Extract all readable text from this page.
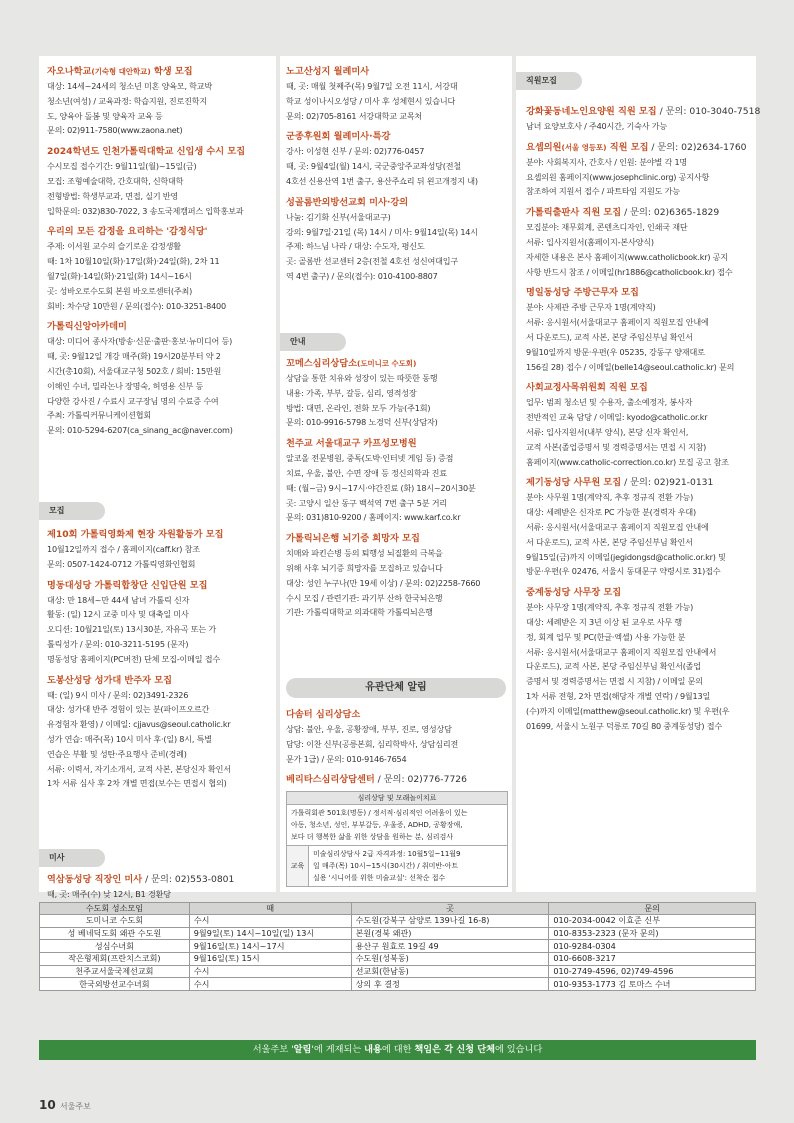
자오나학교(기숙형 대안학교) 학생 모집

대상: 14세~24세의 청소년 미혼 양육모, 학교박

청소년(여성) / 교육과정: 학습지원, 진로진학지

도, 양육아 돌봄 및 양육자 교육 등

문의: 02)911-7580(www.zaona.net)

2024학년도 인천가톨릭대학교 신입생 수시 모집

수시모집 접수기간: 9월11일(월)~15일(금)

모집: 조형예술대학, 간호대학, 신학대학

전형방법: 학생부교과, 면접, 실기 반영

입학문의: 032)830-7022, 3 송도국제캠퍼스 입학홍보과

우리의 모든 감정을 요리하는 '감정식당'

주제: 이서원 교수의 슬기로운 감정생활

때: 1차 10월10일(화)·17일(화)·24일(화), 2차 11

월7일(화)·14일(화)·21일(화) 14시~16시

곳: 성바오로수도회 본원 바오로센터(주최)

회비: 차수당 10만원 / 문의(접수): 010-3251-8400

가톨릭신앙아카데미

대상: 미디어 종사자(방송·신문·출판·홍보·뉴미디어 등)

때, 곳: 9월12일 개강 매주(화) 19시20분부터 약 2

시간(총10회), 서울대교구청 502호 / 회비: 15만원

이해인 수녀, 밀라논나 장명숙, 허영용 신부 등

다양한 강사진 / 수료시 교구장님 명의 수료증 수여

주최: 가톨릭커뮤니케이션협회

문의: 010-5294-6207(ca_sinang_ac@naver.com)

모집
제10회 가톨릭영화제 현장 자원활동가 모집

10월12일까지 접수 / 홈페이지(caff.kr) 참조

문의: 0507-1424-0712 가톨릭영화인협회

명동대성당 가톨릭합창단 신입단원 모집

대상: 만 18세~만 44세 남녀 가톨릭 신자

활동: (일) 12시 교중 미사 및 대축일 미사

오디션: 10월21일(토) 13시30분, 자유곡 또는 가

톨릭성가 / 문의: 010-3211-5195 (문자)

명동성당 홈페이지(PC버전) 단체 모집-이메일 접수

도봉산성당 성가대 반주자 모집

때: (일) 9시 미사 / 문의: 02)3491-2326

대상: 성가대 반주 경험이 있는 분(파이프오르간

유경험자 환영) / 이메일: cjjavus@seoul.catholic.kr

성가 연습: 매주(목) 10시 미사 후·(일) 8시, 특별

연습은 부활 및 성탄·주요행사 준비(경례)

서류: 이력서, 자기소개서, 교적 사본, 본당신자 확인서

1차 서류 심사 후 2차 개별 면접(보수는 면접시 협의)

미사
역삼동성당 직장인 미사 / 문의: 02)553-0801

때, 곳: 매주(수) 낮 12시, B1 경환당

노고산성지 월례미사

때, 곳: 매월 첫째주(목) 9월7일 오전 11시, 서강대

학교 성이나시오성당 / 미사 후 성체현시 있습니다

문의: 02)705-8161 서강대학교 교목처

군종후원회 월례미사·특강

강사: 이성현 신부 / 문의: 02)776-0457

때, 곳: 9월4일(월) 14시, 국군중앙주교좌성당(전철

4호선 신용산역 1번 출구, 용산주쇼리 뒤 왼고개정지 내)

성골롬반외방선교회 미사·강의

나눔: 김기화 신부(서울대교구)

강의: 9월7일·21일 (목) 14시 / 미사: 9월14일(목) 14시

주제: 하느님 나라 / 대상: 수도자, 평신도

곳: 골롬반 선교센터 2층(전철 4호선 성신여대입구

역 4번 출구) / 문의(접수): 010-4100-8807

안내
꼬메스심리상담소(도미니코 수도회)

상담을 통한 치유와 성장이 있는 따뜻한 동행

내용: 가족, 부부, 갈등, 심리, 영적성장

방법: 대면, 온라인, 전화 모두 가능(주1회)

문의: 010-9916-5798 노경덕 신부(상담자)

천주교 서울대교구 카프성모병원

알코올 전문병원, 중독(도박·인터넷 게임 등) 증점

치료, 우울, 불안, 수면 장애 등 정신의학과 진료

때: (월~금) 9시~17시·야간진료 (화) 18시~20시30분

곳: 고양시 일산 동구 백석역 7번 출구 5분 거리

문의: 031)810-9200 / 홈페이지: www.karf.co.kr

가톨릭뇌은행 뇌기증 희망자 모집

치매와 파킨슨병 등의 퇴행성 뇌질환의 극복을

위해 사후 뇌기증 희망자를 모집하고 있습니다

대상: 성인 누구나(만 19세 이상) / 문의: 02)2258-7660

수시 모집 / 관련기관: 과기부 산하 한국뇌은행

기관: 가톨릭대학교 의과대학 가톨릭뇌은행

유관단체 알림
다솜터 심리상담소

상담: 불안, 우울, 공황장애, 부부, 진로, 영성상담

담당: 이찬 신부(공릉본회, 심리학박사, 상담심리전

문가 1급) / 문의: 010-9146-7654

베리타스심리상담센터 / 문의: 02)776-7726
심리상담 및 모래놀이치료
가톨릭회관 501호(명동) / 정서적·심리적인 어려움이 있는
아동, 청소년, 성인, 부부갈등, 우울증, ADHD, 공황장애,
보다 더 행복한 삶을 위한 상담을 원하는 분, 심리검사
교육
미술심리상담사 2급 자격과정: 10월5일~11월9
일 매주(목) 10시~15시(30시간) / 취미반-아트
실용 '시니어를 위한 미술교실': 선착순 접수
직원모집
강화꽃동네노인요양원 직원 모집 / 문의: 010-3040-7518

남녀 요양보호사 / 주40시간, 기숙사 가능

요셉의원(서울 영등포) 직원 모집 / 문의: 02)2634-1760

분야: 사회복지사, 간호사 / 인원: 분야별 각 1명

요셉의원 홈페이지(www.josephclinic.org) 공지사항

참조하여 지원서 접수 / 파트타임 지원도 가능

가톨릭출판사 직원 모집 / 문의: 02)6365-1829

모집분야: 재무회계, 콘텐츠디자인, 인쇄국 재단

서류: 입사지원서(홈페이지-본사양식)

자세한 내용은 본사 홈페이지(www.catholicbook.kr) 공지

사항 반드시 참조 / 이메일(hr1886@catholicbook.kr) 접수

명일동성당 주방근무자 모집

분야: 사제관 주방 근무자 1명(계약직)

서류: 응시원서(서울대교구 홈페이지 직원모집 안내에

서 다운로드), 교적 사본, 본당 주임신부님 확인서

9월10일까지 방문·우편(우 05235, 강동구 양재대로

156길 28) 접수 / 이메일(belle14@seoul.catholic.kr) 문의

사회교정사목위원회 직원 모집

업무: 범죄 청소년 및 수용자, 출소예정자, 봉사자

전반적인 교육 담당 / 이메일: kyodo@catholic.or.kr

서류: 입사지원서(내부 양식), 본당 신자 확인서,

교적 사본(졸업증명서 및 경력증명서는 면접 시 지참)

홈페이지(www.catholic-correction.co.kr) 모집 공고 참조

제기동성당 사무원 모집 / 문의: 02)921-0131

분야: 사무원 1명(계약직, 추후 정규직 전환 가능)

대상: 세례받은 신자로 PC 가능한 분(경력자 우대)

서류: 응시원서(서울대교구 홈페이지 직원모집 안내에

서 다운로드), 교적 사본, 본당 주임신부님 확인서

9월15일(금)까지 이메일(jegidongsd@catholic.or.kr) 및

방문·우편(우 02476, 서울시 동대문구 약령시로 31)접수

중계동성당 사무장 모집

분야: 사무장 1명(계약직, 추후 정규직 전환 가능)

대상: 세례받은 지 3년 이상 된 교우로 사무 행

정, 회계 업무 및 PC(한글·엑셀) 사용 가능한 분

서류: 응시원서(서울대교구 홈페이지 직원모집 안내에서

다운로드), 교적 사본, 본당 주임신부님 확인서(졸업

증명서 및 경력증명서는 면접 시 지참) / 이메일 문의

1차 서류 전형, 2차 면접(해당자 개별 연락) / 9월13일

(수)까지 이메일(matthew@seoul.catholic.kr) 및 우편(우

01699, 서울시 노원구 덕릉로 70길 80 중계동성당) 접수

수도회 성소모임	때	곳	문의
도미니코 수도회	수시	수도원(강북구 삼양로 139나길 16-8)	010-2034-0042 이효준 신부
성 베네딕도회 왜관 수도원	9월9일(토) 14시~10일(일) 13시	본원(경북 왜관)	010-8353-2323 (문자 문의)
성심수녀회	9월16일(토) 14시~17시	용산구 원효로 19길 49	010-9284-0304
작은형제회(프란치스코회)	9월16일(토) 15시	수도원(성북동)	010-6608-3217
천주교서울국제선교회	수시	선교회(한남동)	010-2749-4596, 02)749-4596
한국외방선교수녀회	수시	상의 후 결정	010-9353-1773 김 토마스 수녀
서울주보 '알림'에 게재되는 내용에 대한 책임은 각 신청 단체에 있습니다
10 서울주보
